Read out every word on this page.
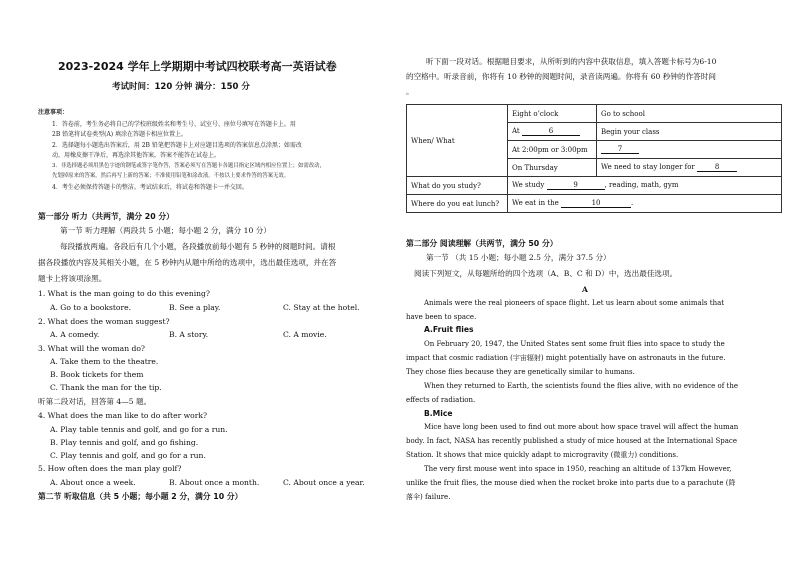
2023-2024 学年上学期期中考试四校联考高一英语试卷
考试时间：120 分钟 满分：150 分
注意事项：
1．答卷前，考生务必将自己的学校班级姓名和考生号、试室号、座位号填写在答题卡上。用
2B 铅笔将试卷类型(A) 填涂在答题卡相应位置上。
2．选择题每小题选出答案后，用 2B 铅笔把答题卡上对应题目选项的答案信息点涂黑；如需改
动，用橡皮擦干净后，再选涂其他答案，答案不能答在试卷上。
3．非选择题必须用黑色字迹的钢笔或签字笔作答，答案必须写在答题卡各题目指定区域内相应位置上；如需改动，
先划掉原来的答案，然后再写上新的答案；不准使用铅笔和涂改液。不按以上要求作答的答案无效。
4．考生必须保持答题卡的整洁。考试结束后，将试卷和答题卡一并交回。
第一部分 听力（共两节，满分 20 分）
第一节 听力理解（两段共 5 小题；每小题 2 分，满分 10 分）
每段播放两遍。各段后有几个小题，各段播放前每小题有 5 秒钟的阅题时间。请根
据各段播放内容及其相关小题，在 5 秒钟内从题中所给的选项中，选出最佳选项，并在答
题卡上将该项涂黑。
1. What is the man going to do this evening?
A. Go to a bookstore.	B. See a play.	C. Stay at the hotel.
2. What does the woman suggest?
A. A comedy.	B. A story.	C. A movie.
3. What will the woman do?
A. Take them to the theatre.
B. Book tickets for them
C. Thank the man for the tip.
听第二段对话，回答第 4—5 题。
4. What does the man like to do after work?
A. Play table tennis and golf, and go for a run.
B. Play tennis and golf, and go fishing.
C. Play tennis and golf, and go for a run.
5. How often does the man play golf?
A. About once a week.	B. About once a month.	C. About once a year.
第二节 听取信息（共 5 小题；每小题 2 分，满分 10 分）
听下面一段对话。根据题目要求，从所听到的内容中获取信息，填入答题卡标号为6-10
的空格中。听录音前，你将有 10 秒钟的阅题时间，录音读两遍。你将有 60 秒钟的作答时间
。
When/ What	Eight o’clock	Go to school
	At 6	Begin your class
	At 2:00pm or 3:00pm	7
	On Thursday	We need to stay longer for 8
What do you study?	We study 9 , reading, math, gym	
Where do you eat lunch?	We eat in the 10 .	
第二部分 阅读理解（共两节，满分 50 分）
第一节 （共 15 小题；每小题 2.5 分，满分 37.5 分）
阅读下列短文，从每题所给的四个选项（A、B、C 和 D）中，选出最佳选项。
A
Animals were the real pioneers of space flight. Let us learn about some animals that
have been to space.
A.Fruit flies
On February 20, 1947, the United States sent some fruit flies into space to study the
impact that cosmic radiation (宇宙辐射) might potentially have on astronauts in the future.
They chose flies because they are genetically similar to humans.
When they returned to Earth, the scientists found the flies alive, with no evidence of the
effects of radiation.
B.Mice
Mice have long been used to find out more about how space travel will affect the human
body. In fact, NASA has recently published a study of mice housed at the International Space
Station. It shows that mice quickly adapt to microgravity (微重力) conditions.
The very first mouse went into space in 1950, reaching an altitude of 137km However,
unlike the fruit flies, the mouse died when the rocket broke into parts due to a parachute (降
落伞) failure.
